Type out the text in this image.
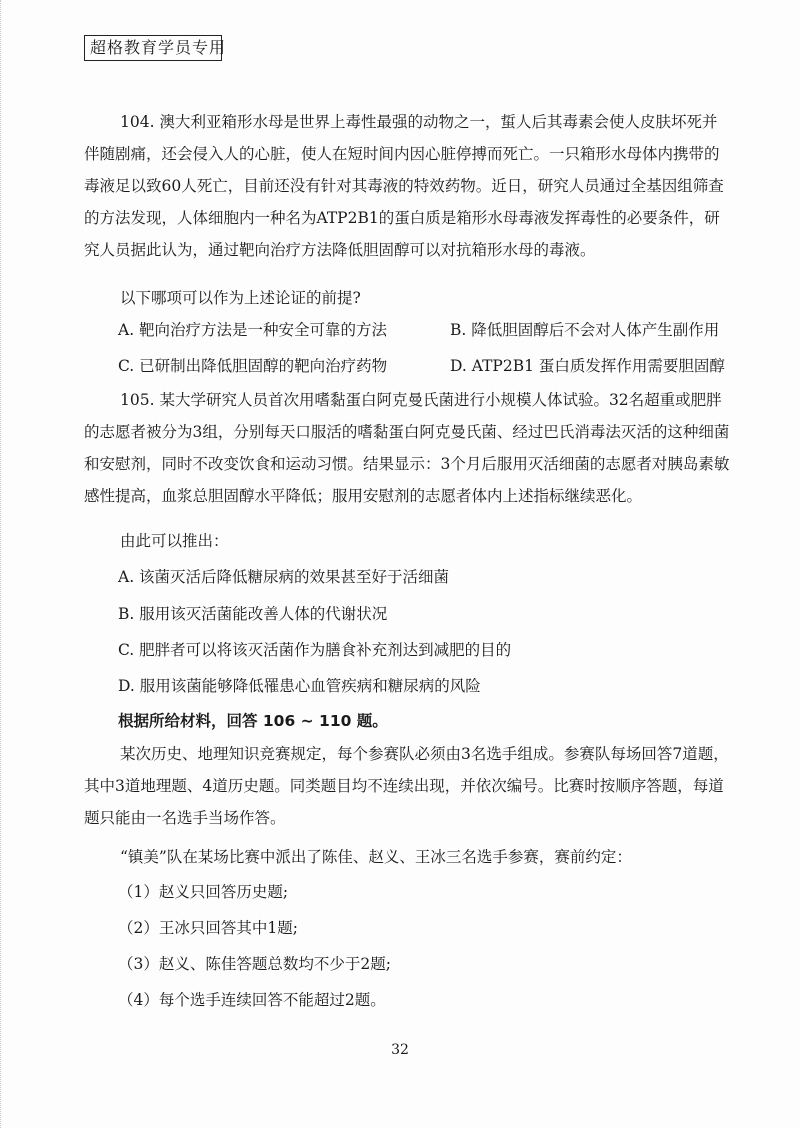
超格教育学员专用

104. 澳大利亚箱形水母是世界上毒性最强的动物之一，蜇人后其毒素会使人皮肤坏死并伴随剧痛，还会侵入人的心脏，使人在短时间内因心脏停搏而死亡。一只箱形水母体内携带的毒液足以致60人死亡，目前还没有针对其毒液的特效药物。近日，研究人员通过全基因组筛查的方法发现，人体细胞内一种名为ATP2B1的蛋白质是箱形水母毒液发挥毒性的必要条件，研究人员据此认为，通过靶向治疗方法降低胆固醇可以对抗箱形水母的毒液。

以下哪项可以作为上述论证的前提?

A. 靶向治疗方法是一种安全可靠的方法	B. 降低胆固醇后不会对人体产生副作用
C. 已研制出降低胆固醇的靶向治疗药物	D. ATP2B1 蛋白质发挥作用需要胆固醇

105. 某大学研究人员首次用嗜黏蛋白阿克曼氏菌进行小规模人体试验。32名超重或肥胖的志愿者被分为3组，分别每天口服活的嗜黏蛋白阿克曼氏菌、经过巴氏消毒法灭活的这种细菌和安慰剂，同时不改变饮食和运动习惯。结果显示：3个月后服用灭活细菌的志愿者对胰岛素敏感性提高，血浆总胆固醇水平降低；服用安慰剂的志愿者体内上述指标继续恶化。

由此可以推出：

A. 该菌灭活后降低糖尿病的效果甚至好于活细菌
B. 服用该灭活菌能改善人体的代谢状况
C. 肥胖者可以将该灭活菌作为膳食补充剂达到减肥的目的
D. 服用该菌能够降低罹患心血管疾病和糖尿病的风险
根据所给材料，回答 106 ~ 110 题。

某次历史、地理知识竞赛规定，每个参赛队必须由3名选手组成。参赛队每场回答7道题，其中3道地理题、4道历史题。同类题目均不连续出现，并依次编号。比赛时按顺序答题，每道题只能由一名选手当场作答。

“镇美”队在某场比赛中派出了陈佳、赵义、王冰三名选手参赛，赛前约定：

（1）赵义只回答历史题;
（2）王冰只回答其中1题;
（3）赵义、陈佳答题总数均不少于2题;
（4）每个选手连续回答不能超过2题。
32
